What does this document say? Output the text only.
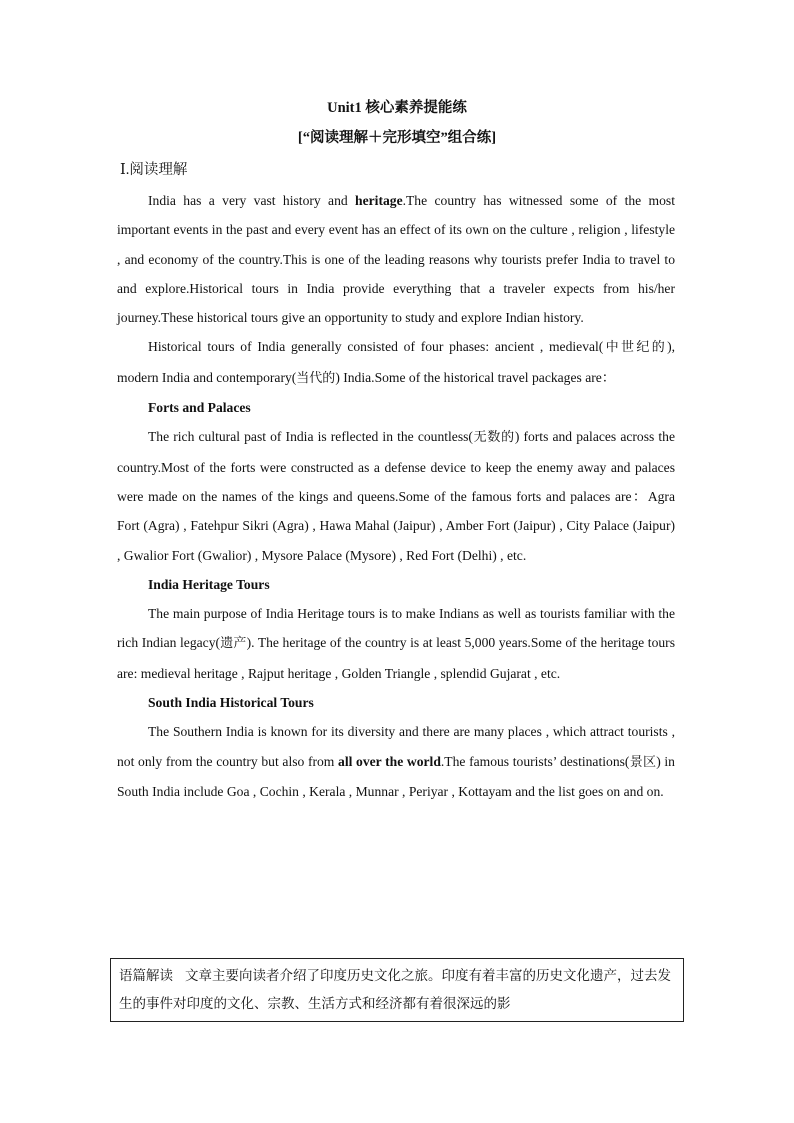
Unit1 核心素养提能练
[“阅读理解＋完形填空”组合练]
Ⅰ.阅读理解

India has a very vast history and heritage.The country has witnessed some of the most important events in the past and every event has an effect of its own on the culture , religion , lifestyle , and economy of the country.This is one of the leading reasons why tourists prefer India to travel to and explore.Historical tours in India provide everything that a traveler expects from his/her journey.These historical tours give an opportunity to study and explore Indian history.

Historical tours of India generally consisted of four phases: ancient , medieval(中世纪的), modern India and contemporary(当代的) India.Some of the historical travel packages are：

Forts and Palaces

The rich cultural past of India is reflected in the countless(无数的) forts and palaces across the country.Most of the forts were constructed as a defense device to keep the enemy away and palaces were made on the names of the kings and queens.Some of the famous forts and palaces are：Agra Fort (Agra) , Fatehpur Sikri (Agra) , Hawa Mahal (Jaipur) , Amber Fort (Jaipur) , City Palace (Jaipur) , Gwalior Fort (Gwalior) , Mysore Palace (Mysore) , Red Fort (Delhi) , etc.

India Heritage Tours

The main purpose of India Heritage tours is to make Indians as well as tourists familiar with the rich Indian legacy(遗产). The heritage of the country is at least 5,000 years.Some of the heritage tours are: medieval heritage , Rajput heritage , Golden Triangle , splendid Gujarat , etc.

South India Historical Tours

The Southern India is known for its diversity and there are many places , which attract tourists , not only from the country but also from all over the world.The famous tourists’ destinations(景区) in South India include Goa , Cochin , Kerala , Munnar , Periyar , Kottayam and the list goes on and on.

语篇解读 文章主要向读者介绍了印度历史文化之旅。印度有着丰富的历史文化遗产，过去发生的事件对印度的文化、宗教、生活方式和经济都有着很深远的影
